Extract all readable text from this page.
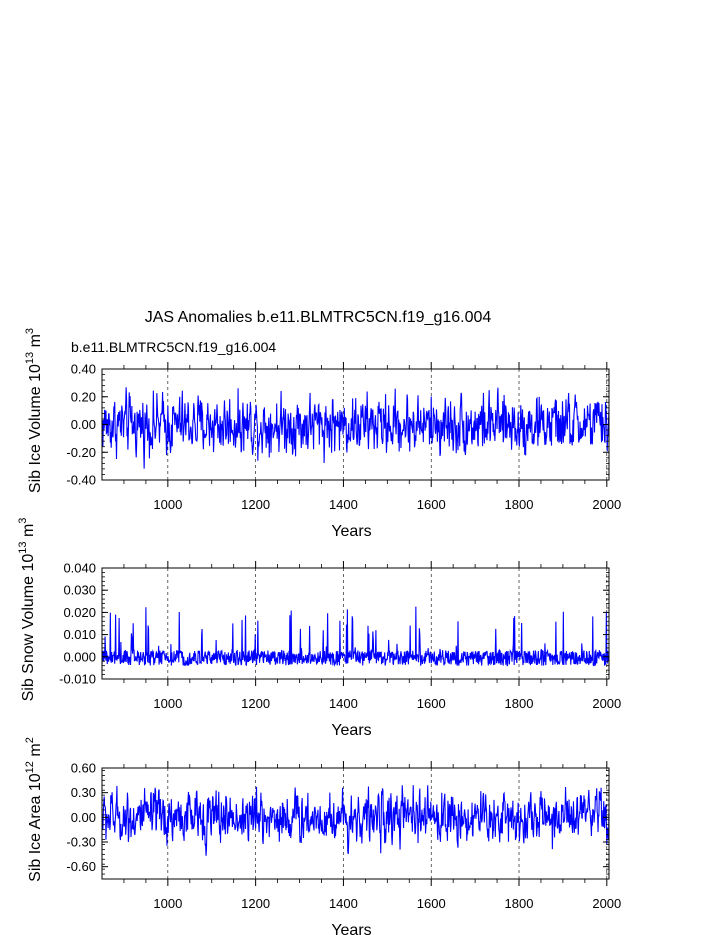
JAS Anomalies b.e11.BLMTRC5CN.f19_g16.004
b.e11.BLMTRC5CN.f19_g16.004
0.40
0.20
0.00
-0.20
-0.40
1000	1200	1400	1600	1800	2000
Years
Sib Ice Volume $10^{13}$ $m^3$
0.040
0.030
0.020
0.010
0.000
-0.010
1000	1200	1400	1600	1800	2000
Years
Sib Snow Volume $10^{13}$ $m^3$
0.60
0.30
0.00
-0.30
-0.60
1000	1200	1400	1600	1800	2000
Years
Sib Ice Area $10^{12}$ $m^2$
